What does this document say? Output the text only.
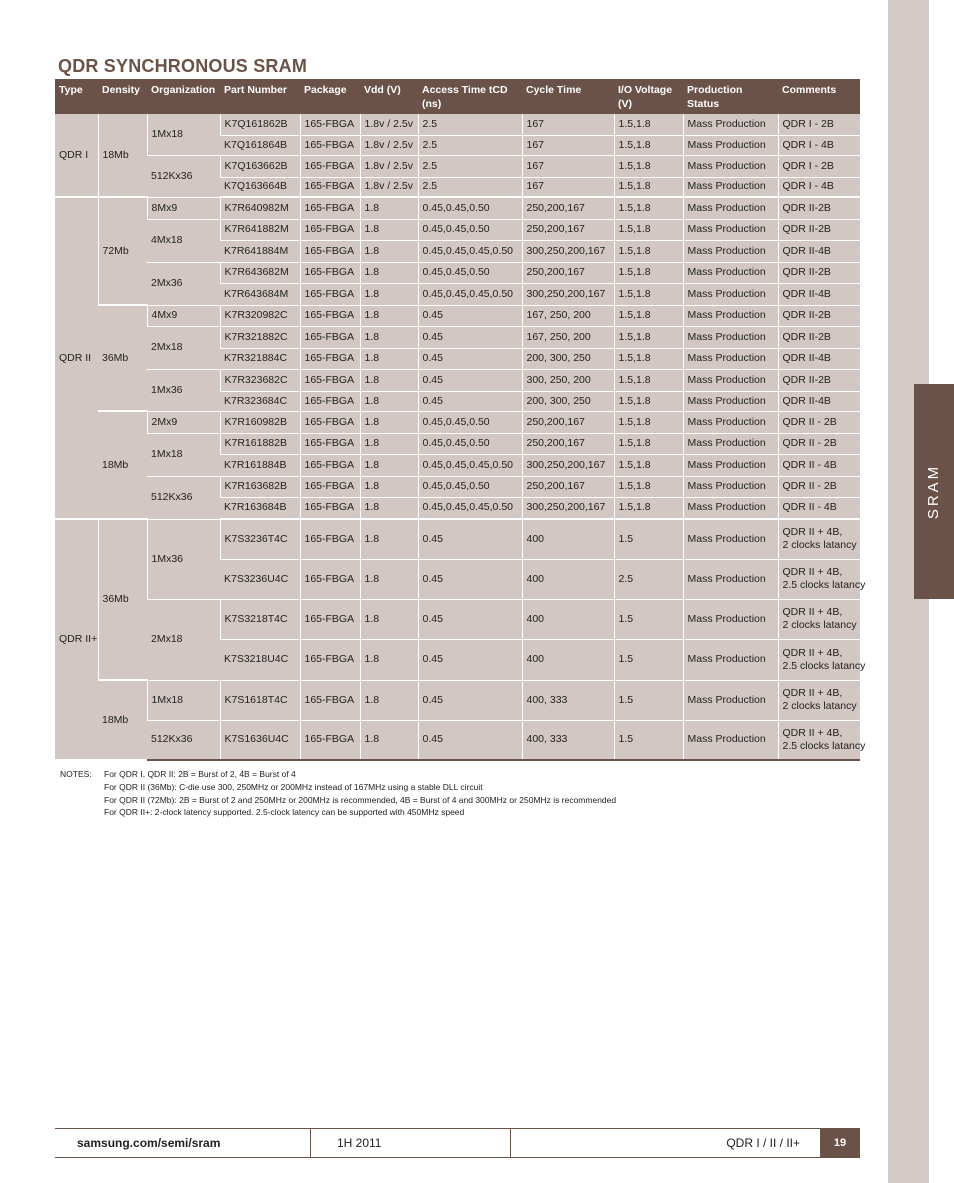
SRAM
QDR SYNCHRONOUS SRAM
Type	Density	Organization	Part Number	Package	Vdd (V)	Access Time tCD (ns)	Cycle Time	I/O Voltage (V)	Production Status	Comments
QDR I	18Mb	1Mx18	K7Q161862B	165-FBGA	1.8v / 2.5v	2.5	167	1.5,1.8	Mass Production	QDR I - 2B

			K7Q161864B	165-FBGA	1.8v / 2.5v	2.5	167	1.5,1.8	Mass Production	QDR I - 4B

		512Kx36	K7Q163662B	165-FBGA	1.8v / 2.5v	2.5	167	1.5,1.8	Mass Production	QDR I - 2B

			K7Q163664B	165-FBGA	1.8v / 2.5v	2.5	167	1.5,1.8	Mass Production	QDR I - 4B

QDR II	72Mb	8Mx9	K7R640982M	165-FBGA	1.8	0.45,0.45,0.50	250,200,167	1.5,1.8	Mass Production	QDR II-2B

		4Mx18	K7R641882M	165-FBGA	1.8	0.45,0.45,0.50	250,200,167	1.5,1.8	Mass Production	QDR II-2B

			K7R641884M	165-FBGA	1.8	0.45,0.45,0.45,0.50	300,250,200,167	1.5,1.8	Mass Production	QDR II-4B

		2Mx36	K7R643682M	165-FBGA	1.8	0.45,0.45,0.50	250,200,167	1.5,1.8	Mass Production	QDR II-2B

			K7R643684M	165-FBGA	1.8	0.45,0.45,0.45,0.50	300,250,200,167	1.5,1.8	Mass Production	QDR II-4B

	36Mb	4Mx9	K7R320982C	165-FBGA	1.8	0.45	167, 250, 200	1.5,1.8	Mass Production	QDR II-2B

		2Mx18	K7R321882C	165-FBGA	1.8	0.45	167, 250, 200	1.5,1.8	Mass Production	QDR II-2B

			K7R321884C	165-FBGA	1.8	0.45	200, 300, 250	1.5,1.8	Mass Production	QDR II-4B

		1Mx36	K7R323682C	165-FBGA	1.8	0.45	300, 250, 200	1.5,1.8	Mass Production	QDR II-2B

			K7R323684C	165-FBGA	1.8	0.45	200, 300, 250	1.5,1.8	Mass Production	QDR II-4B

	18Mb	2Mx9	K7R160982B	165-FBGA	1.8	0.45,0.45,0.50	250,200,167	1.5,1.8	Mass Production	QDR II - 2B

		1Mx18	K7R161882B	165-FBGA	1.8	0.45,0.45,0.50	250,200,167	1.5,1.8	Mass Production	QDR II - 2B

			K7R161884B	165-FBGA	1.8	0.45,0.45,0.45,0.50	300,250,200,167	1.5,1.8	Mass Production	QDR II - 4B

		512Kx36	K7R163682B	165-FBGA	1.8	0.45,0.45,0.50	250,200,167	1.5,1.8	Mass Production	QDR II - 2B

			K7R163684B	165-FBGA	1.8	0.45,0.45,0.45,0.50	300,250,200,167	1.5,1.8	Mass Production	QDR II - 4B

QDR II+	36Mb	1Mx36	K7S3236T4C	165-FBGA	1.8	0.45	400	1.5	Mass Production	QDR II + 4B,
2 clocks latancy

			K7S3236U4C	165-FBGA	1.8	0.45	400	2.5	Mass Production	QDR II + 4B,
2.5 clocks latancy

		2Mx18	K7S3218T4C	165-FBGA	1.8	0.45	400	1.5	Mass Production	QDR II + 4B,
2 clocks latancy

			K7S3218U4C	165-FBGA	1.8	0.45	400	1.5	Mass Production	QDR II + 4B,
2.5 clocks latancy

	18Mb	1Mx18	K7S1618T4C	165-FBGA	1.8	0.45	400, 333	1.5	Mass Production	QDR II + 4B,
2 clocks latancy

		512Kx36	K7S1636U4C	165-FBGA	1.8	0.45	400, 333	1.5	Mass Production	QDR II + 4B,
2.5 clocks latancy
NOTES: For QDR I, QDR II: 2B = Burst of 2, 4B = Burst of 4
For QDR II (36Mb): C-die use 300, 250MHz or 200MHz instead of 167MHz using a stable DLL circuit
For QDR II (72Mb): 2B = Burst of 2 and 250MHz or 200MHz is recommended, 4B = Burst of 4 and 300MHz or 250MHz is recommended
For QDR II+: 2-clock latency supported. 2.5-clock latency can be supported with 450MHz speed
samsung.com/semi/sram	1H 2011	QDR I / II / II+	19
